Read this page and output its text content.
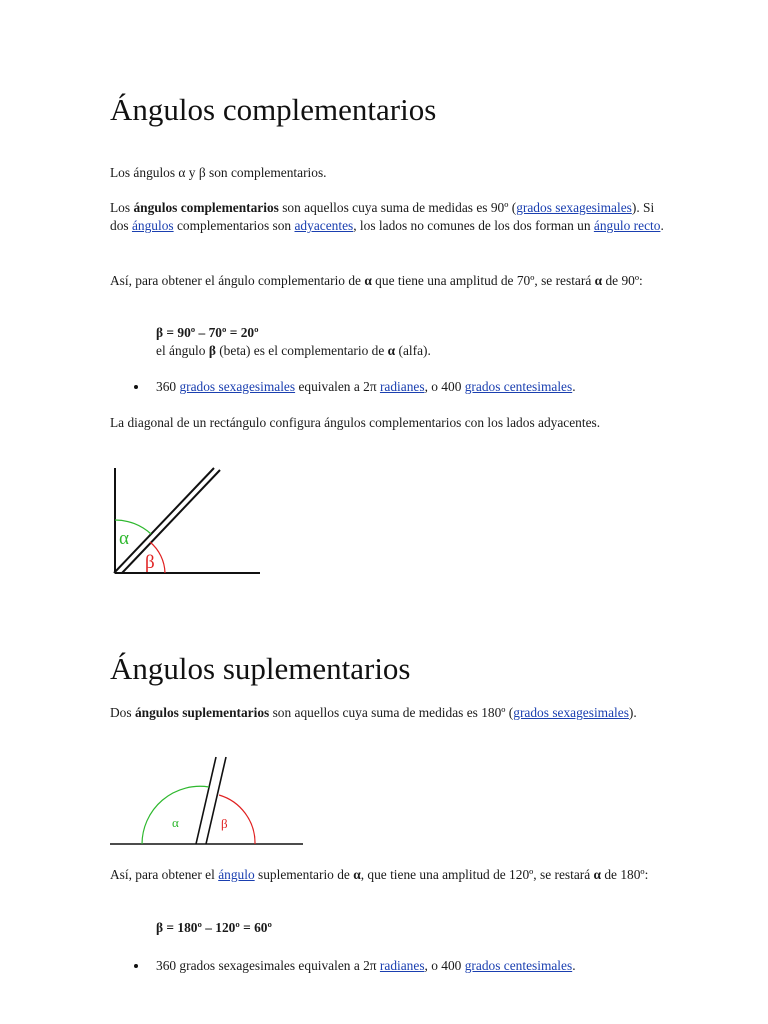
Ángulos complementarios

Los ángulos α y β son complementarios.

Los ángulos complementarios son aquellos cuya suma de medidas es 90º (grados sexagesimales). Si dos ángulos complementarios son adyacentes, los lados no comunes de los dos forman un ángulo recto.

Así, para obtener el ángulo complementario de α que tiene una amplitud de 70º, se restará α de 90º:

β = 90º – 70º = 20º

el ángulo β (beta) es el complementario de α (alfa).

360 grados sexagesimales equivalen a 2π radianes, o 400 grados centesimales.

La diagonal de un rectángulo configura ángulos complementarios con los lados adyacentes.

Ángulos suplementarios

Dos ángulos suplementarios son aquellos cuya suma de medidas es 180º (grados sexagesimales).

Así, para obtener el ángulo suplementario de α, que tiene una amplitud de 120º, se restará α de 180º:

β = 180º – 120º = 60º

360 grados sexagesimales equivalen a 2π radianes, o 400 grados centesimales.

α
β
α	β
